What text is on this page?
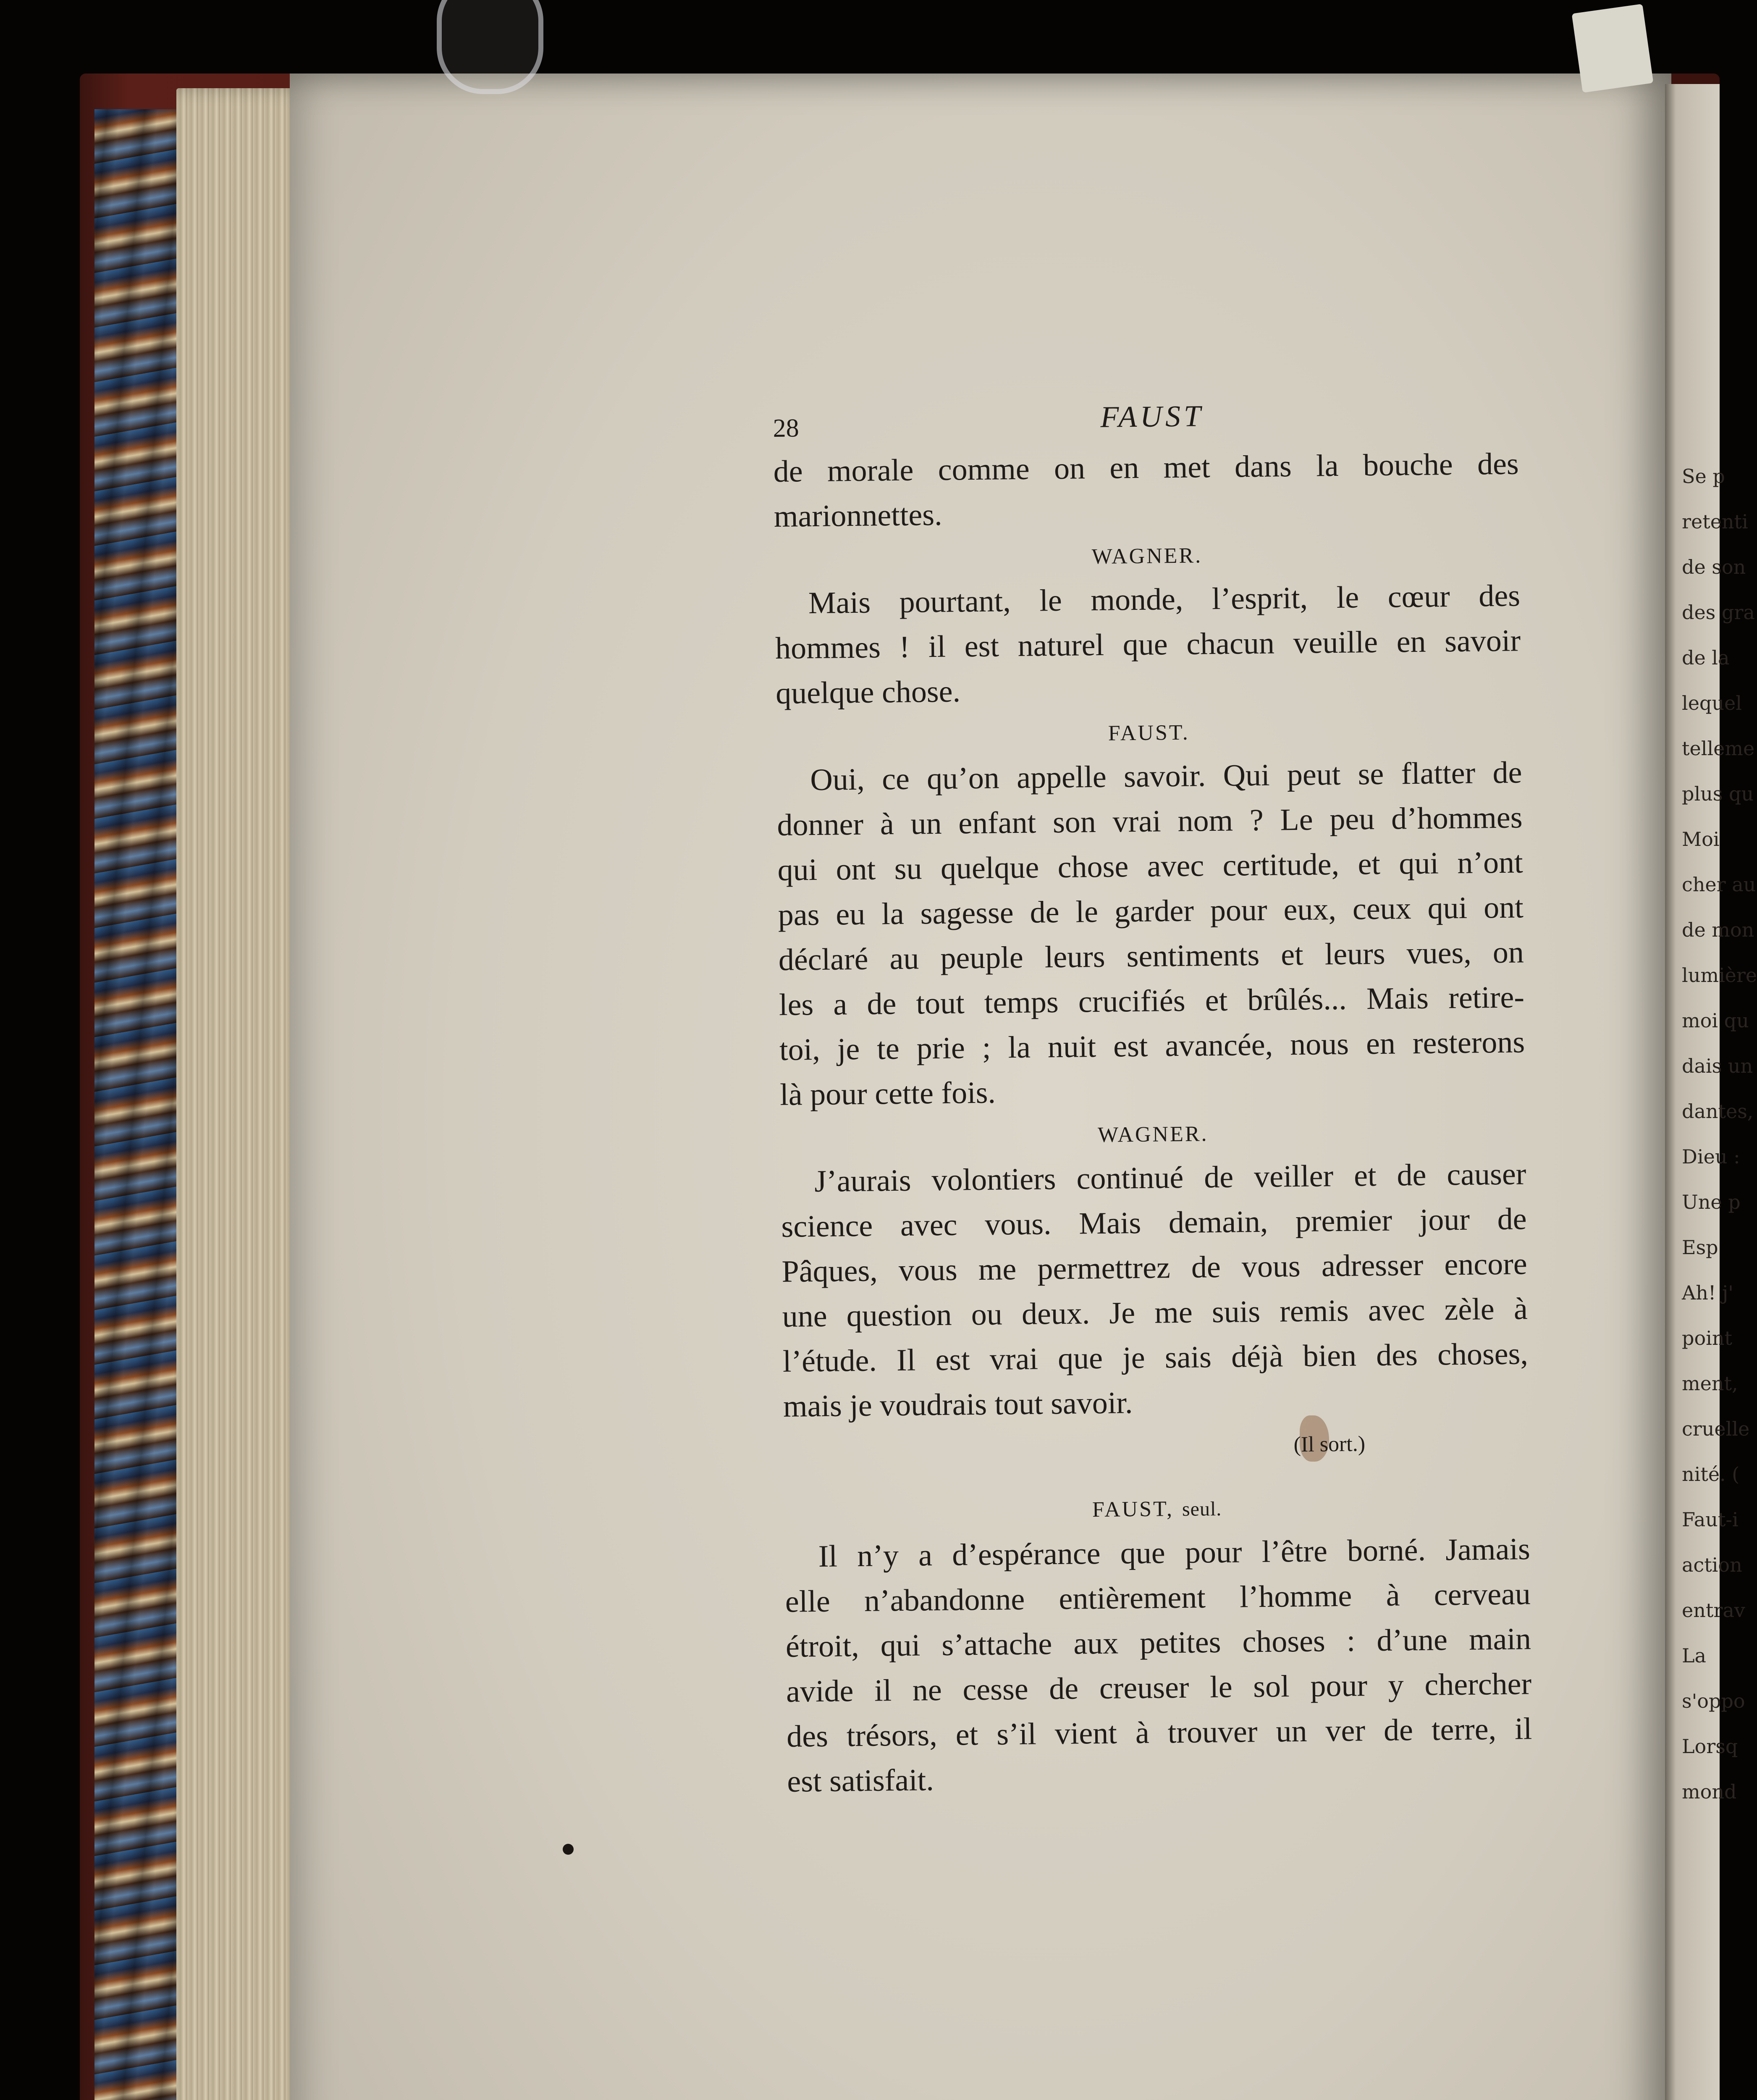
Se p
retenti
de son
des gra
de la
lequel
telleme
plus qu
Moi
cher au
de mon
lumière
moi qu
dais un
dantes,
Dieu :
Une p
Esp
Ah! j'
point
ment,
cruelle
nité. (
Faut-i
action
entrav
La
s'oppo
Lorsq
mond
28	FAUST
de morale comme on en met dans la bouche des
marionnettes.
WAGNER.
Mais pourtant, le monde, l’esprit, le cœur des
hommes ! il est naturel que chacun veuille en savoir
quelque chose.
FAUST.
Oui, ce qu’on appelle savoir. Qui peut se flatter de
donner à un enfant son vrai nom ? Le peu d’hommes
qui ont su quelque chose avec certitude, et qui n’ont
pas eu la sagesse de le garder pour eux, ceux qui ont
déclaré au peuple leurs sentiments et leurs vues, on
les a de tout temps crucifiés et brûlés... Mais retire-
toi, je te prie ; la nuit est avancée, nous en resterons
là pour cette fois.
WAGNER.
J’aurais volontiers continué de veiller et de causer
science avec vous. Mais demain, premier jour de
Pâques, vous me permettrez de vous adresser encore
une question ou deux. Je me suis remis avec zèle à
l’étude. Il est vrai que je sais déjà bien des choses,
mais je voudrais tout savoir.
(Il sort.)
FAUST, seul.
Il n’y a d’espérance que pour l’être borné. Jamais
elle n’abandonne entièrement l’homme à cerveau
étroit, qui s’attache aux petites choses : d’une main
avide il ne cesse de creuser le sol pour y chercher
des trésors, et s’il vient à trouver un ver de terre, il
est satisfait.
